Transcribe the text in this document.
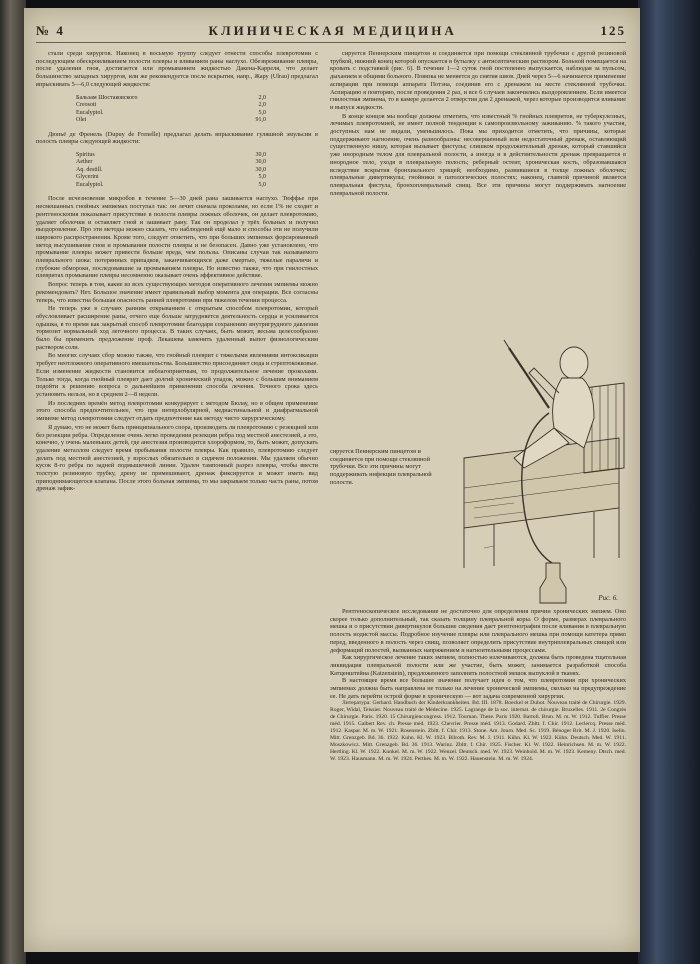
№ 4	КЛИНИЧЕСКАЯ МЕДИЦИНА	125

стали среди хирургов. Наконец в восьмую группу следует отнести способы плевротомии с последующим обескровливанием полости плевры и вливанием раны наглухо. Обезвреживание плевры, после удаления гноя, достигается или промыванием жидкостью Дакена-Карреля, что делает большинство западных хирургов, или же рекомендуется после вскрытия, напр., Жару (Ulrau) предлагал впрыскивать 5—6,0 следующей жидкости:

Бальзам Шостаковского	2,0
Creosoti	2,0
Eucalyptol.	5,0
Olei	91,0

Дюньё де Френель (Dupuy de Frenelle) предлагал делать впрыскивание гуляшной эмульсии в полость плевры следующей жидкости:

Spiritus	30,0
Aether	30,0
Aq. destill.	30,0
Glycerini	5,0
Eucalyptol.	5,0

После исчезновения микробов в течение 5—30 дней рана зашивается наглухо. Тюффье при несмешанных гнойных эмпиемах поступал так: он лечит сначала проколами, но если 1% не сходит и рентгеноскопия показывает присутствие в полости плевры ложных оболочек, он делает плевротомию, удаляет оболочки и оставляет гной и зашивает рану. Так он проделал у трёх больных и получил выздоровление. Про эти методы можно сказать, что наблюдений ещё мало и способы эти не получили широкого распространения. Кроме того, следует отметить, что при больших эмпиемах форсированный метод высушивания гноя и промывания полости плевры и не безопасен. Давно уже установлено, что промывание плевры может привести больше вреда, чем пользы. Описаны случаи так называемого плеврального шока: потерянных припадков, заканчивающихся даже смертью, тяжелые параличи и глубокие обмороки, последовавшие за промыванием плевры. Но известно также, что при гнилостных плевритах промывание плевры несомненно оказывает очень эффективное действие.

Вопрос теперь в том, какие из всех существующих методов оперативного лечения эмпиемы можно рекомендовать? Нет. Большое значение имеет правильный выбор момента для операции. Все согласны теперь, что известна большая опасность ранней плевротомии при тяжелом течении процесса.

Не теперь уже в случаях ранним открыванием с открытым способом плевротомии, который обусловливает расширение раны, отчего еще больше затрудняется деятельность сердца и усиливается одышка, в то время как закрытый способ плевротомии благодаря сохранению внутригрудного давления тормозит нормальный ход легочного процесса. В таких случаях, быть может, весьма целесообразно было бы применить предложение проф. Лекашева заменить удаленный выпот физиологическим раствором соли.

Во многих случаях сбор можно также, что гнойный плеврит с тяжелыми явлениями интоксикации требует неотложного оперативного вмешательства. Большинство присоединяет сюда и стрептококковые. Если изменение жидкости становится неблагоприятным, то продолжительное лечение проколами. Только тогда, когда гнойный плеврит дает долгий хронический упадок, можно с большим вниманием подойти к решению вопроса о дальнейшем применении способа лечения. Точного срока здесь установить нельзя, но в среднем 2—8 недели.

Из последних времён метод плевротомии конкурирует с методом Бюлау, но в общем применение этого способа предпочтительнее, что при интерлобулярной, медиастинальной и диафрагмальной эмпиеме метод плевротомии следует отдать предпочтение как методу чисто хирургическому.

Я думаю, что не может быть принципиального спора, производить ли плевротомию с резекцией или без резекции ребра. Определение очень легко проведения резекции ребра под местной анестезией, а это, конечно, у очень маленьких детей, где анестезия производится хлороформом, то, быть может, допускать удаление металлом следует время пребывания полости плевры. Как правило, плевротомию следует делать под местной анестезией, у взрослых обязательно в сидячем положении. Мы удаляем обычно кусок 8-го ребра по задней подмышечной линии. Удален тампонный разрез плевры, чтобы ввести толстую резиновую трубку, дрену не примешивают, дренаж фиксируется и может иметь вид приподнимающегося клапана. После этого больная эмпиема, то мы закрываем только часть раны, потом дренаж зафик-

сируется Пеннерским пинцетом и соединяется при помощи стеклянной трубочки с другой резиновой трубкой, нижний конец которой опускается в бутылку с антисептическим раствором. Больной помещается на кровать с подставкой (рис. 6). В течение 1—2 суток гной постепенно выпускается, наблюдая за пульсом, дыханием и общими больного. Повязка не меняется до снятия швов. Дней через 5—6 начинается применение аспирации при помощи аппарата Потэна, соединив его с дренажем на месте стеклянной трубочки. Аспирацию я повторяю, после проведения 2 раз, и все 6 случаев закончились выздоровлением. Если имеется гнилостная эмпиема, то в камере делается 2 отверстия для 2 дренажей, через которые производится вливание и выпуск жидкости.

В конце концов мы вообще должны отметить, что известный % гнойных плевритов, не туберкулезных, лечимых плевротомией, не имеет полной тенденции к самопроизвольному заживанию. % такого участия, доступных нам не видали, уменьшилось. Пока мы приходится отметить, что причины, которые поддерживают нагноение, очень разнообразны: несовершенный или недостаточный дренаж, оставляющий существенную нишу, которая вызывает фистулы; слишком продолжительный дренаж, который ставшийся уже инородным телом для плевральной полости, а иногда и в действительности дренаж превращается в инородное тело, уходя в плевральную полость; реберный остеит, хроническая кость, образовавшаяся вследствие вскрытия бронхиального хрящей; необходимо, развившиеся в толще ложных оболочек; плевральные дивертикулы; гнойники в патологических полостях; наконец, главной причиной является плевральная фистула, бронхоплевральный свищ. Все эти причины могут поддерживать нагноение плевральной полости.

сируется Пеннерским пинцетом и соединяется при помощи стеклянной трубочки. Все эти причины могут поддерживать инфекции плевральной полости.
Рис. 6.

Рентгеноскопическое исследование не достаточно для определения причин хронических эмпием. Оно скорее только дополнительный, так сказать толщину плевральной коры. О форме, размерах плеврального мешка и о присутствии дивертикулов большие сведения дает рентгенография после вливания в плевральную полость иодистой массы. Подробное изучение плевры или плеврального мешка при помощи катетера прямо перед, введенного в полость через свищ, позволяет определить присутствие внутриплевральных свищей или деформаций полостей, вызванных напряжением и нагноительными процессами.

Как хирургическое лечение таких эмпием, полностью излечиваются, должна быть проведена тщательная ликвидация плевральной полости или же участие, быть может, занимается разработкой способа Катценштейна (Katzenstein), предложенного заполнить полостной мешок выпуклой в тканях.

В настоящее время все большее значение получает идея о том, что плевротомия при хронических эмпиемах должна быть направлена не только на лечение хронической эмпиемы, сколько на предупреждение ее. Не дать перейти острой форме в хроническую — вот задача современной хирургии.

Литература: Gerhard. Handbuch der Kinderkrankheiten. Bd. III. 1878. Boeckel et Duhot. Nouveau traité de Chirurgie. 1929. Roger, Widal, Teissier. Nouveau traité de Médecine. 1925. Lagrange de la soc. internat. de chirurgie. Bruxelles. 1911. 2e Congrès de Chirurgie. Paris. 1920. 15 Chirurgiencongress. 1912. Tournan. These. Paris 1920. Bartoli. Brun. M. m. W. 1912. Tuffier. Presse méd. 1915. Galbert Rev. ch. Presse méd. 1923. Chevrier. Presse méd. 1913. Godard. Zbltt. f. Chir. 1912. Leclercq. Presse méd. 1912. Kaspar. M. m. W. 1921. Rosenstein. Zbltt. f. Chir. 1913. Stone. Am. Journ. Med. Sc. 1919. Bénoger Brit. M. J. 1920. Iselin. Mitt. Grenzgeb. Bd. 36. 1922. Kuhn. Kl. W. 1923. Bilroth. Rev. M. J. 1911. Kühn. Kl. W. 1922. Kühn. Deutsch. Med. W. 1911. Moszkowicz. Mitt. Grenzgeb. Bd. 36. 1913. Warinz. Zbltt. f. Chir. 1925. Fischer. Kl. W. 1922. Heinrichsen. M. m. W. 1922. Hertling. Kl. W. 1922. Kunkel. M. m. W. 1922. Wenzel. Deutsch. med. W. 1923. Weinhold. M. m. W. 1923. Kemeny. Dtsch. med. W. 1923. Hausmann. M. m. W. 1924. Perthes. M. m. W. 1922. Hauenstein. M. m. W. 1924.
